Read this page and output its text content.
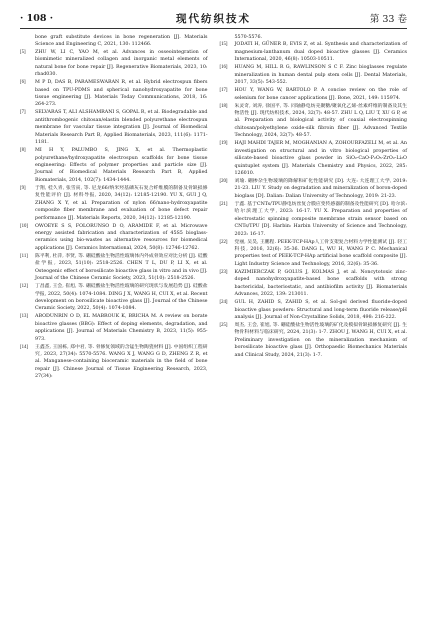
· 108 ·	现代纺织技术	第 33 卷
bone graft substitute devices in bone regeneration [J]. Materials Science and Engineering C, 2021, 130: 112466.
[5]	ZHU W, LI C, YAO M, et al. Advances in osseointegration of biomimetic mineralized collagen and inorganic metal elements of natural bone for bone repair [J]. Regenerative Biomaterials, 2023, 10: rbad030.
[6]	M P D, DAS B, PARAMESWARAN R, et al. Hybrid electrospun fibers based on TPU-PDMS and spherical nanohydroxyapatite for bone tissue engineering [J]. Materials Today Communications, 2018, 16: 264-273.
[7]	SELVARAS T, ALI ALSHAMRANI S, GOPAL R, et al. Biodegradable and antithrombogenic chitosan/elastin blended polyurethane electrospun membrane for vascular tissue integration [J]. Journal of Biomedical Materials Research Part B, Applied Biomaterials, 2023, 111(6): 1171-1181.
[8]	MI H Y, PALUMBO S, JING X, et al. Thermoplastic polyurethane/hydroxyapatite electrospun scaffolds for bone tissue engineering: Effects of polymer properties and particle size [J]. Journal of Biomedical Materials Research Part B, Applied Biomaterials, 2014, 102(7): 1434-1444.
[9]	于翔, 桂久青, 张雪寅, 等. 尼龙66/纳米羟基磷灰石复合纤维膜的制备及骨缺损修复性能评价 [J]. 材料导报, 2020, 34(12): 12185-12190. YU X, GUI J Q, ZHANG X Y, et al. Preparation of nylon 66/nano-hydroxyapatite composite fiber membrane and evaluation of bone defect repair performance [J]. Materials Reports, 2020, 34(12): 12185-12190.
[10]	OWOEYE S S, FOLORUNSO D O, ARAMIDE F, et al. Microwave energy assisted fabrication and characterization of 45S5 bioglass-ceramics using bio-wastes as alternative resources for biomedical applications [J]. Ceramics International, 2024, 50(8): 12746-12762.
[11]	陈平利, 杜萍, 李贤, 等. 硼硅酸盐生物活性玻璃体内外成骨效应对比分析 [J]. 硅酸盐学报, 2023, 51(10): 2518-2526. CHEN T L, DU P, LI X, et al. Osteogenic effect of borosilicate bioactive glass in vitro and in vivo [J]. Journal of the Chinese Ceramic Society, 2023, 51(10): 2518-2526.
[12]	丁昌鑫, 王会, 崔旭, 等. 硼硅酸盐生物活性玻璃的研究现状与发展趋势 [J]. 硅酸盐学报, 2022, 50(4): 1074-1084. DING J X, WANG H, CUI X, et al. Recent development on borosilicate bioactive glass [J]. Journal of the Chinese Ceramic Society, 2022, 50(4): 1074-1084.
[13]	ABODUNRIN O D, EL MABROUK K, BRICHA M. A review on borate bioactive glasses (BBG): Effect of doping elements, degradation, and applications [J]. Journal of Materials Chemistry B, 2023, 11(5): 955-973.
[14]	王鑫杰, 王国栋, 郑中君, 等. 骨修复领域的含锰生物陶瓷材料 [J]. 中国组织工程研究, 2023, 27(34): 5570-5576. WANG X J, WANG G D, ZHENG Z R, et al. Manganese-containing bioceramic materials in the field of bone repair [J]. Chinese Journal of Tissue Engineering Research, 2023, 27(34):
5570-5576.
[15]	JODATI H, GÜNER B, EVIS Z, et al. Synthesis and characterization of magnesium-lanthanum dual doped bioactive glasses [J]. Ceramics International, 2020, 46(8): 10503-10511.
[16]	HUANG M, HILL R G, RAWLINSON S C F. Zinc bioglasses regulate mineralization in human dental pulp stem cells [J]. Dental Materials, 2017, 33(5): 543-552.
[17]	HOU Y, WANG W, BARTOLO P. A concise review on the role of selenium for bone cancer applications [J]. Bone, 2021, 149: 115974.
[18]	朱灵奇, 刘涛, 徐国平, 等. 同轴静电纺壳聚糖/聚氧化乙烯-丝素纤维的制备及其生物活性 [J]. 现代纺织技术, 2024, 32(7): 48-57. ZHU L Q, LIU T, XU G P, et al. Preparation and biological activity of coaxial electrospinning chitosan/polyethylene oxide-silk fibroin fiber [J]. Advanced Textile Technology, 2024, 32(7): 48-57.
[19]	HAJI MAHDI TAJER M, MOGHANIAN A, ZOHOURFAZELI M, et al. An investigation on structural and in vitro biological properties of silicate-based bioactive glass powder in SiO₂-CaO-P₂O₅-ZrO₂-Li₂O quintuplet system [J]. Materials Chemistry and Physics, 2022, 285: 126010.
[20]	刘瑜. 硼掺杂生物玻璃的降解和矿化性能研究 [D]. 大连: 大连理工大学, 2019: 21-23. LIU Y. Study on degradation and mineralization of boron-doped bioglass [D]. Dalian: Dalian University of Technology, 2019: 21-23.
[21]	于鑫. 基于CNTs/TPU静电纺丝复合膜应变传感器的制备及性能研究 [D]. 哈尔滨: 哈尔滨理工大学, 2023: 16-17. YU X. Preparation and properties of electrostatic spinning composite membrane strain sensor based on CNTs/TPU [D]. Harbin: Harbin University of Science and Technology, 2023: 16-17.
[22]	党丽, 吴昊, 王鹏程. PEEK-TCP-HAp人工骨支架复合材料力学性能测试 [J]. 轻工科技, 2016, 32(6): 35-36. DANG L, WU H, WANG P C. Mechanical properties test of PEEK-TCP-HAp artificial bone scaffold composite [J]. Light Industry Science and Technology, 2016, 32(6): 35-36.
[23]	KAZIMIERCZAK P, GOLUS J, KOLMAS J, et al. Noncytotoxic zinc-doped nanohydroxyapatite-based bone scaffolds with strong bactericidal, bacteriostatic, and antibiofilm activity [J]. Biomaterials Advances, 2022, 139: 213011.
[24]	GUL H, ZAHID S, ZAHID S, et al. Sol-gel derived fluoride-doped bioactive glass powders: Structural and long-term fluoride release/pH analysis [J]. Journal of Non-Crystalline Solids, 2018, 498: 216-222.
[25]	周杰, 王会, 崔旭, 等. 硼硅酸盐生物活性玻璃的矿化及模拟骨缺损修复研究 [J]. 生物骨科材料与临床研究, 2024, 21(3): 1-7. ZHOU J, WANG H, CUI X, et al. Preliminary investigation on the mineralization mechanism of borosilicate bioactive glass [J]. Orthopaedic Biomechanics Materials and Clinical Study, 2024, 21(3): 1-7.
